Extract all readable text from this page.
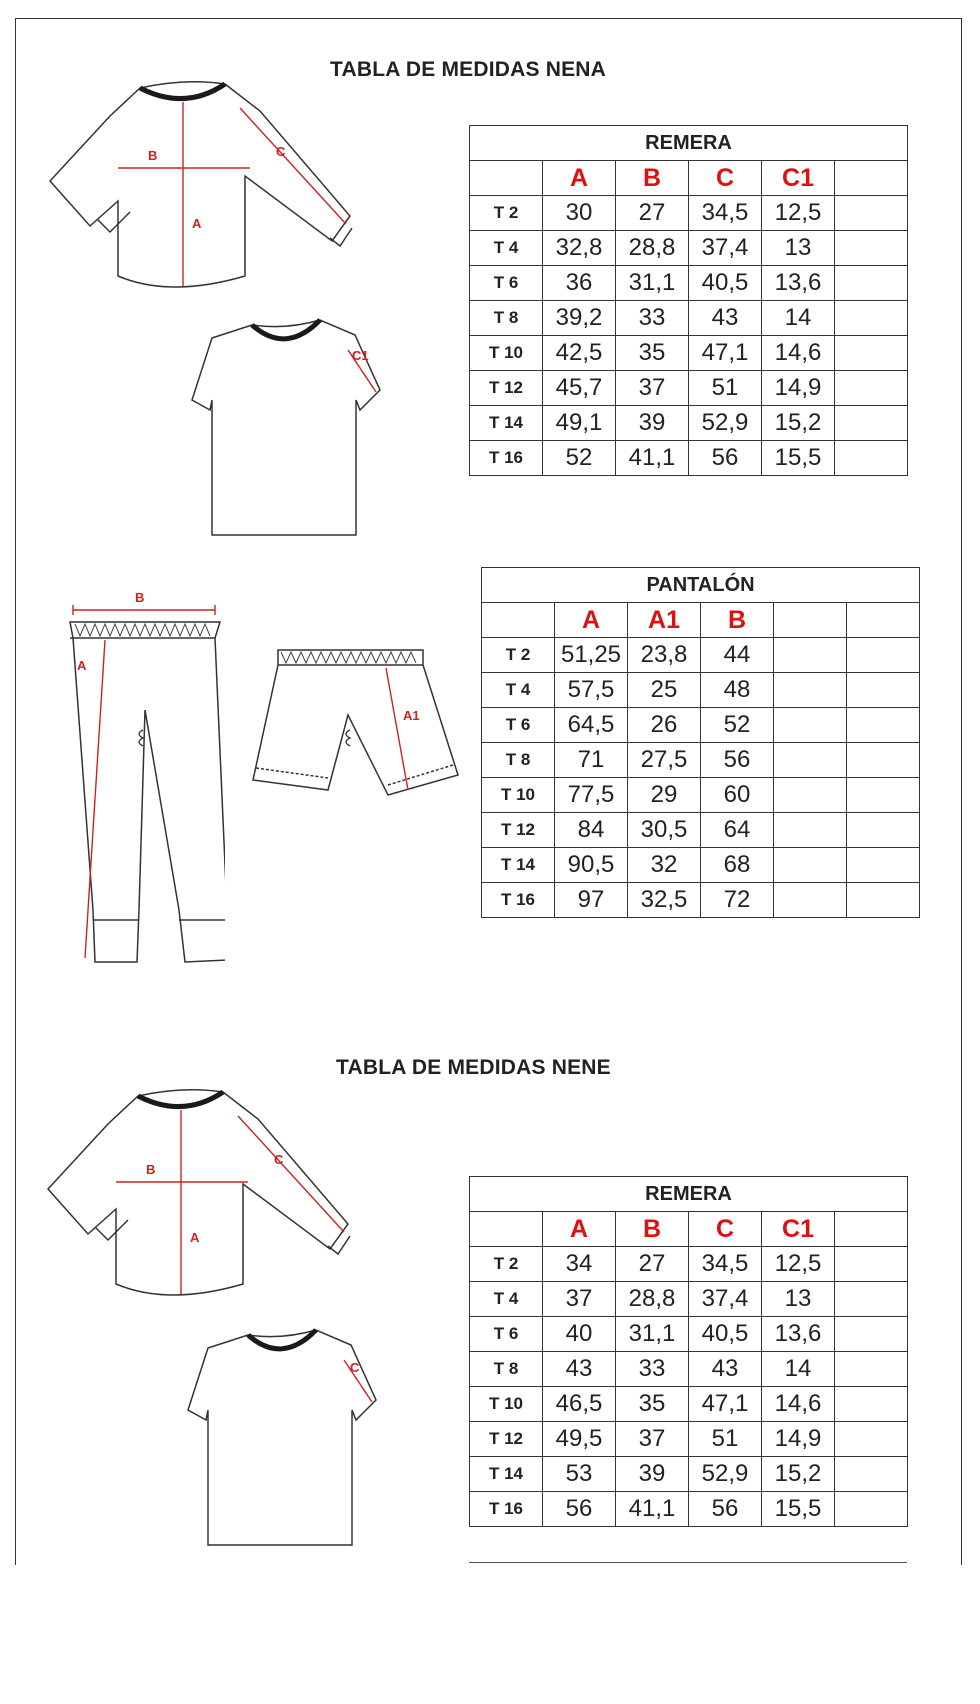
TABLA DE MEDIDAS NENA
B
A
C
C1
REMERA					
	A	B	C	C1	
T 2	30	27	34,5	12,5	
T 4	32,8	28,8	37,4	13	
T 6	36	31,1	40,5	13,6	
T 8	39,2	33	43	14	
T 10	42,5	35	47,1	14,6	
T 12	45,7	37	51	14,9	
T 14	49,1	39	52,9	15,2	
T 16	52	41,1	56	15,5	
B
A
A1
PANTALÓN					
	A	A1	B		
T 2	51,25	23,8	44		
T 4	57,5	25	48		
T 6	64,5	26	52		
T 8	71	27,5	56		
T 10	77,5	29	60		
T 12	84	30,5	64		
T 14	90,5	32	68		
T 16	97	32,5	72		
TABLA DE MEDIDAS NENE
B
A
C
C
REMERA					
	A	B	C	C1	
T 2	34	27	34,5	12,5	
T 4	37	28,8	37,4	13	
T 6	40	31,1	40,5	13,6	
T 8	43	33	43	14	
T 10	46,5	35	47,1	14,6	
T 12	49,5	37	51	14,9	
T 14	53	39	52,9	15,2	
T 16	56	41,1	56	15,5	
